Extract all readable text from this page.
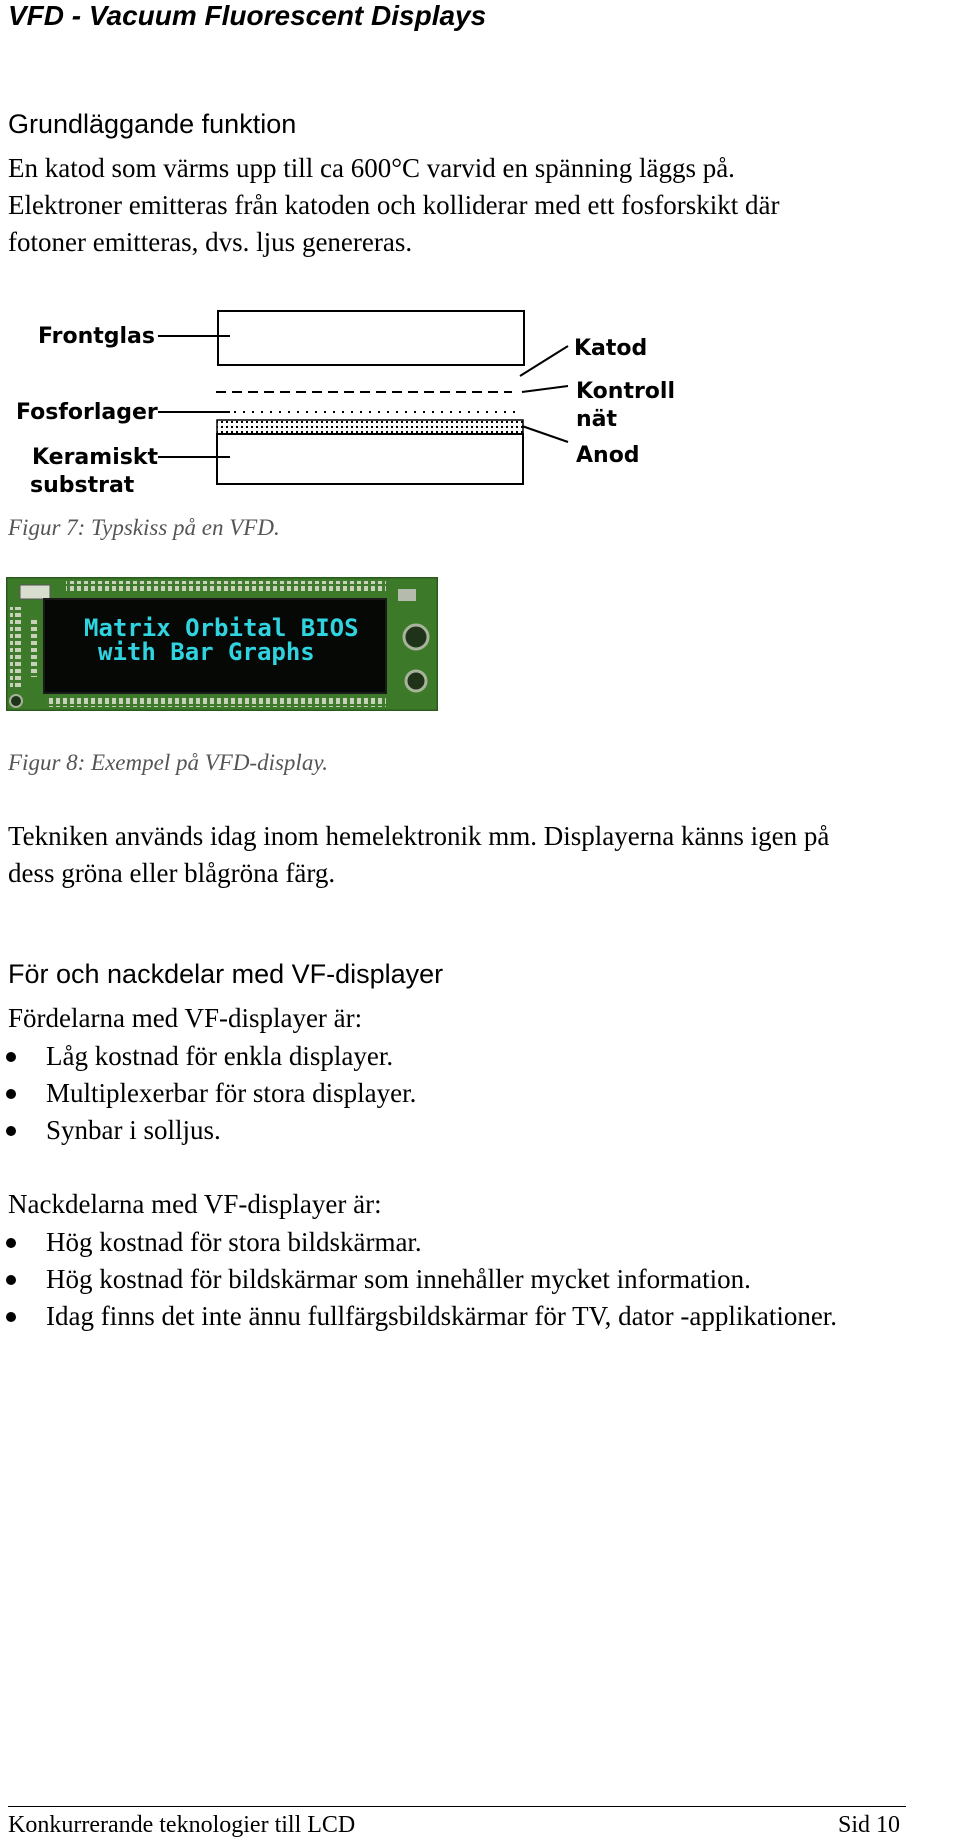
VFD - Vacuum Fluorescent Displays
Grundläggande funktion
En katod som värms upp till ca 600°C varvid en spänning läggs på.
Elektroner emitteras från katoden och kolliderar med ett fosforskikt där
fotoner emitteras, dvs. ljus genereras.
Frontglas
Fosforlager
Keramiskt
substrat
Katod
Kontroll
nät
Anod
Figur 7: Typskiss på en VFD.
Matrix Orbital BIOS
with Bar Graphs
Figur 8: Exempel på VFD-display.
Tekniken används idag inom hemelektronik mm. Displayerna känns igen på
dess gröna eller blågröna färg.
För och nackdelar med VF-displayer
Fördelarna med VF-displayer är:
Låg kostnad för enkla displayer.
Multiplexerbar för stora displayer.
Synbar i solljus.
Nackdelarna med VF-displayer är:
Hög kostnad för stora bildskärmar.
Hög kostnad för bildskärmar som innehåller mycket information.
Idag finns det inte ännu fullfärgsbildskärmar för TV, dator -applikationer.
Konkurrerande teknologier till LCD	Sid 10
